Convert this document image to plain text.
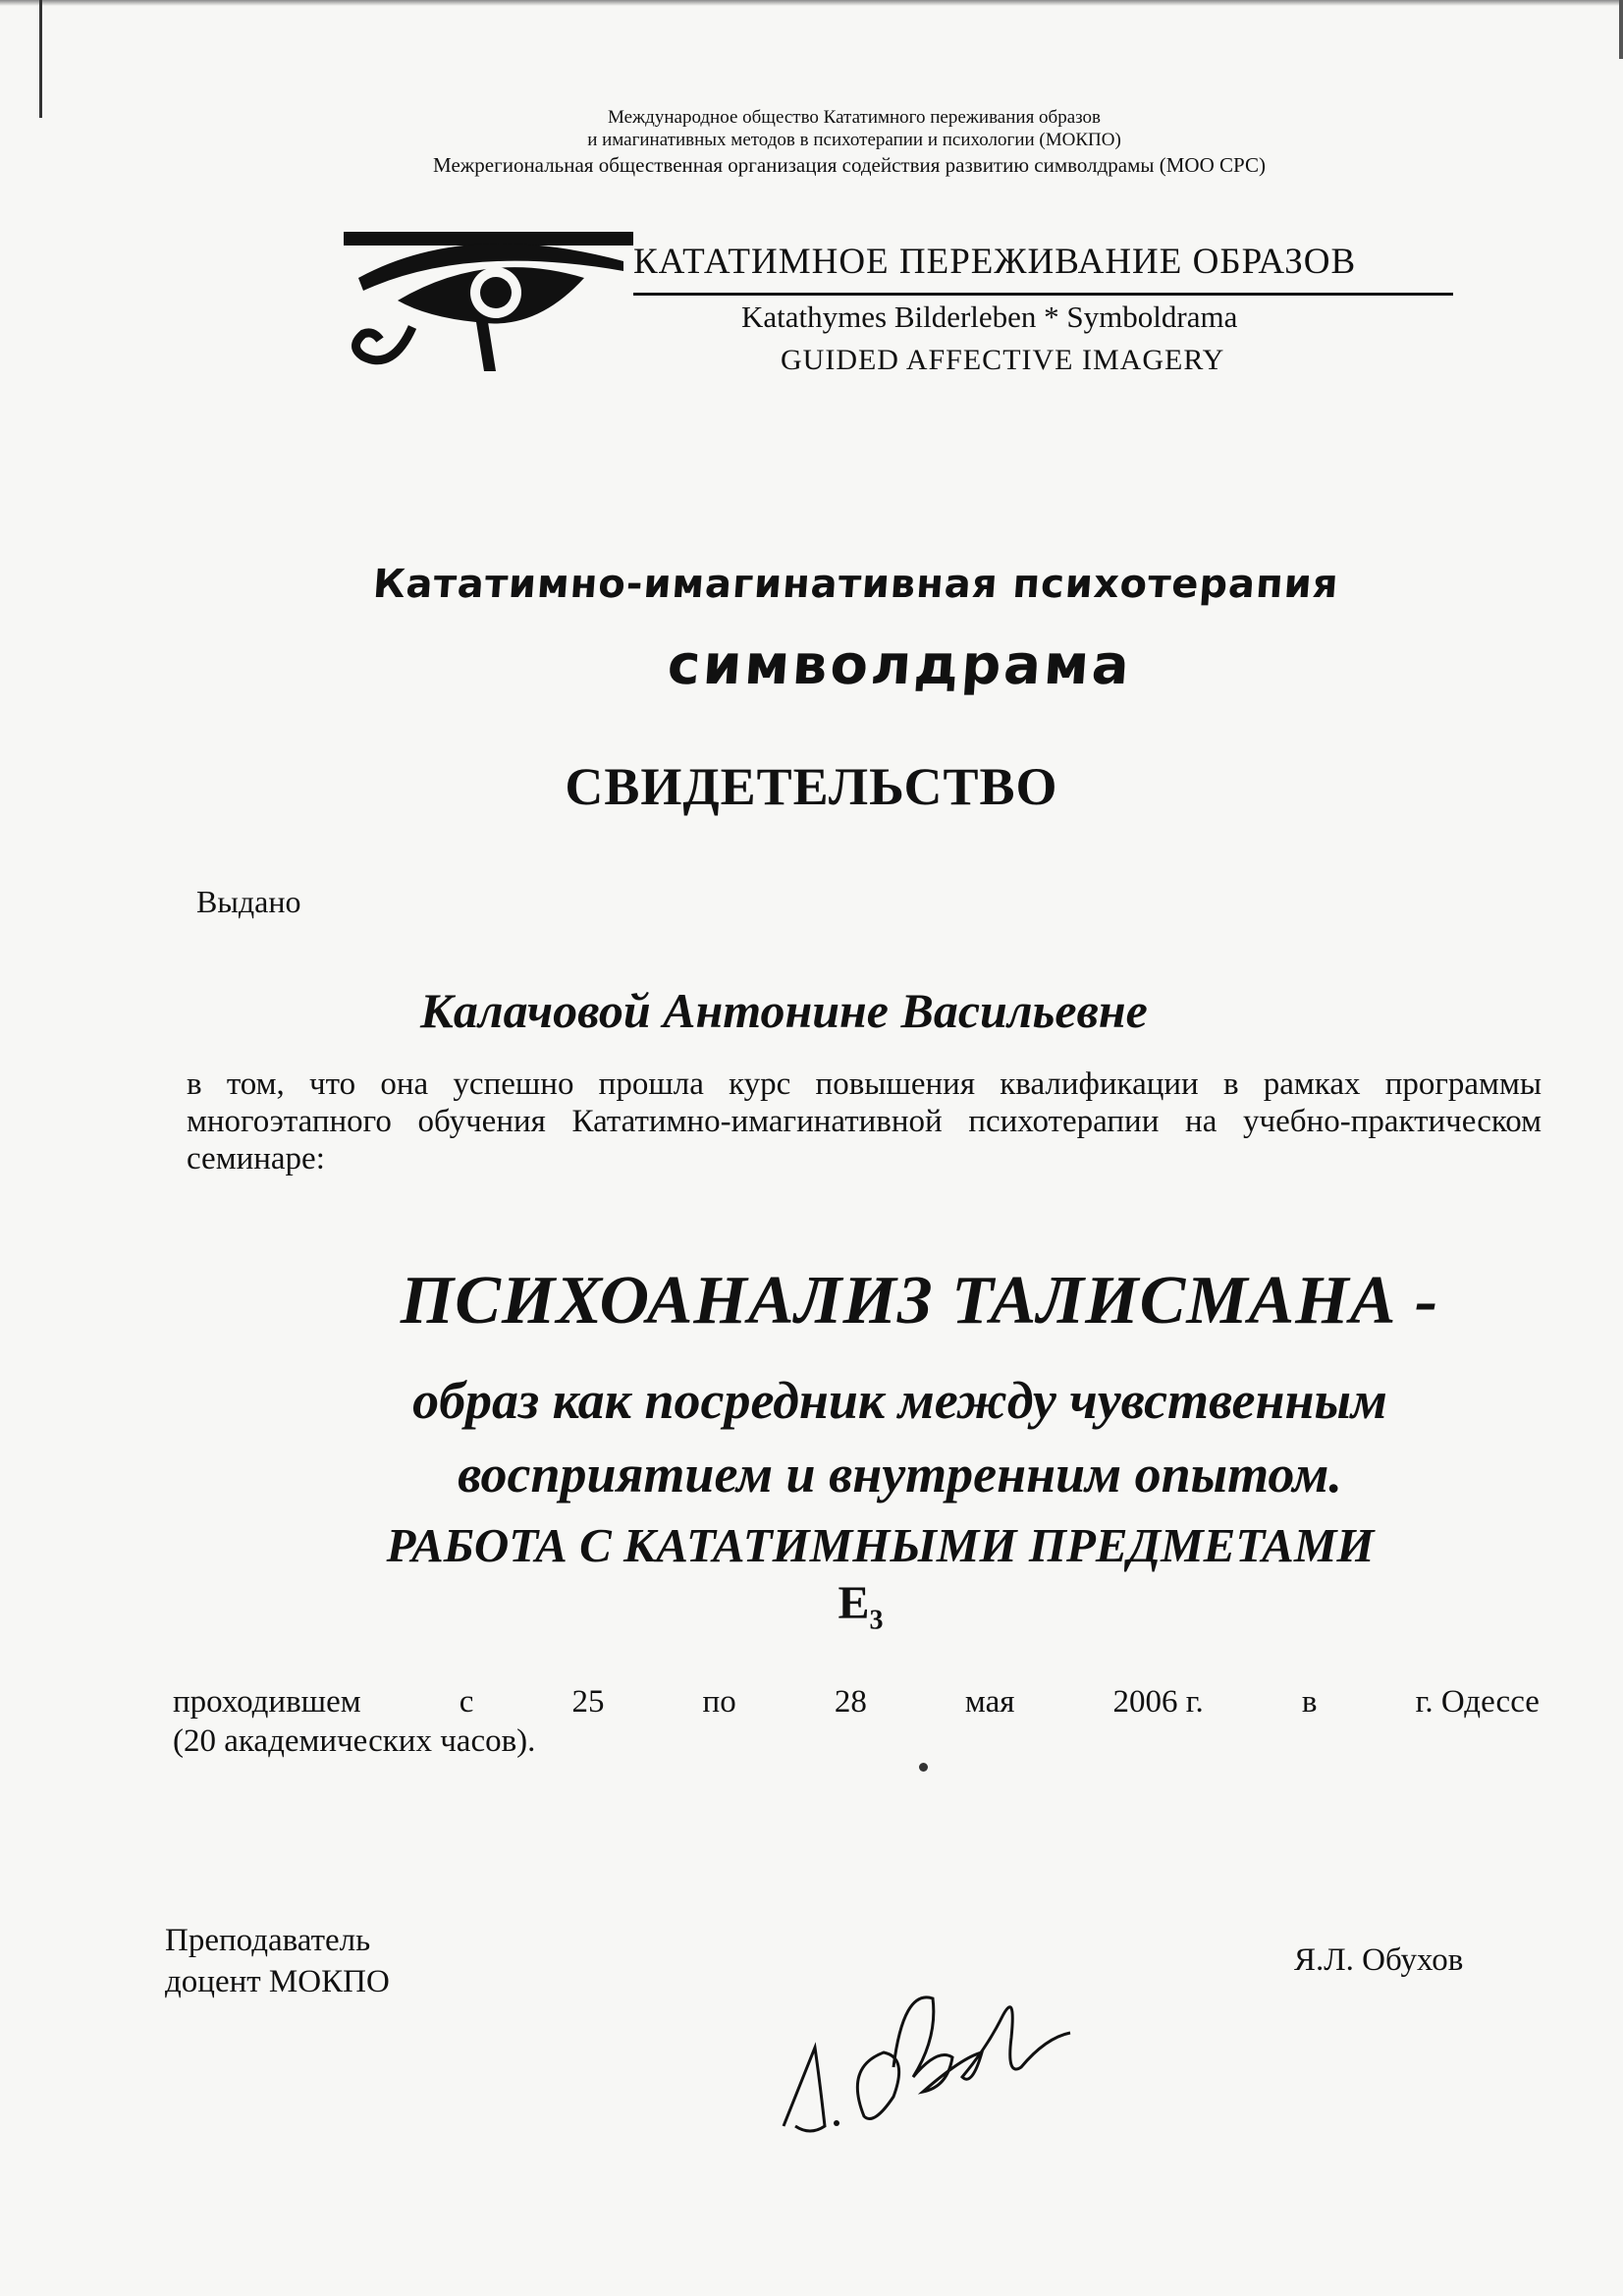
Международное общество Кататимного переживания образов
и имагинативных методов в психотерапии и психологии (МОКПО)
Межрегиональная общественная организация содействия развитию символдрамы (МОО СРС)
КАТАТИМНОЕ ПЕРЕЖИВАНИЕ ОБРАЗОВ
Katathymes Bilderleben * Symboldrama
GUIDED AFFECTIVE IMAGERY
Кататимно-имагинативная психотерапия
символдрама
СВИДЕТЕЛЬСТВО
Выдано
Калачовой Антонине Васильевне
в том, что она успешно прошла курс повышения квалификации в рамках программы многоэтапного обучения Кататимно-имагинативной психотерапии на учебно-практическом семинаре:
ПСИХОАНАЛИЗ ТАЛИСМАНА -
образ как посредник между чувственным
восприятием и внутренним опытом.
РАБОТА С КАТАТИМНЫМИ ПРЕДМЕТАМИ
$Е_3$
проходившем	с	25	по	28	мая	2006 г.	в	г. Одессе
(20 академических часов).
Преподаватель
доцент МОКПО
Я.Л. Обухов
